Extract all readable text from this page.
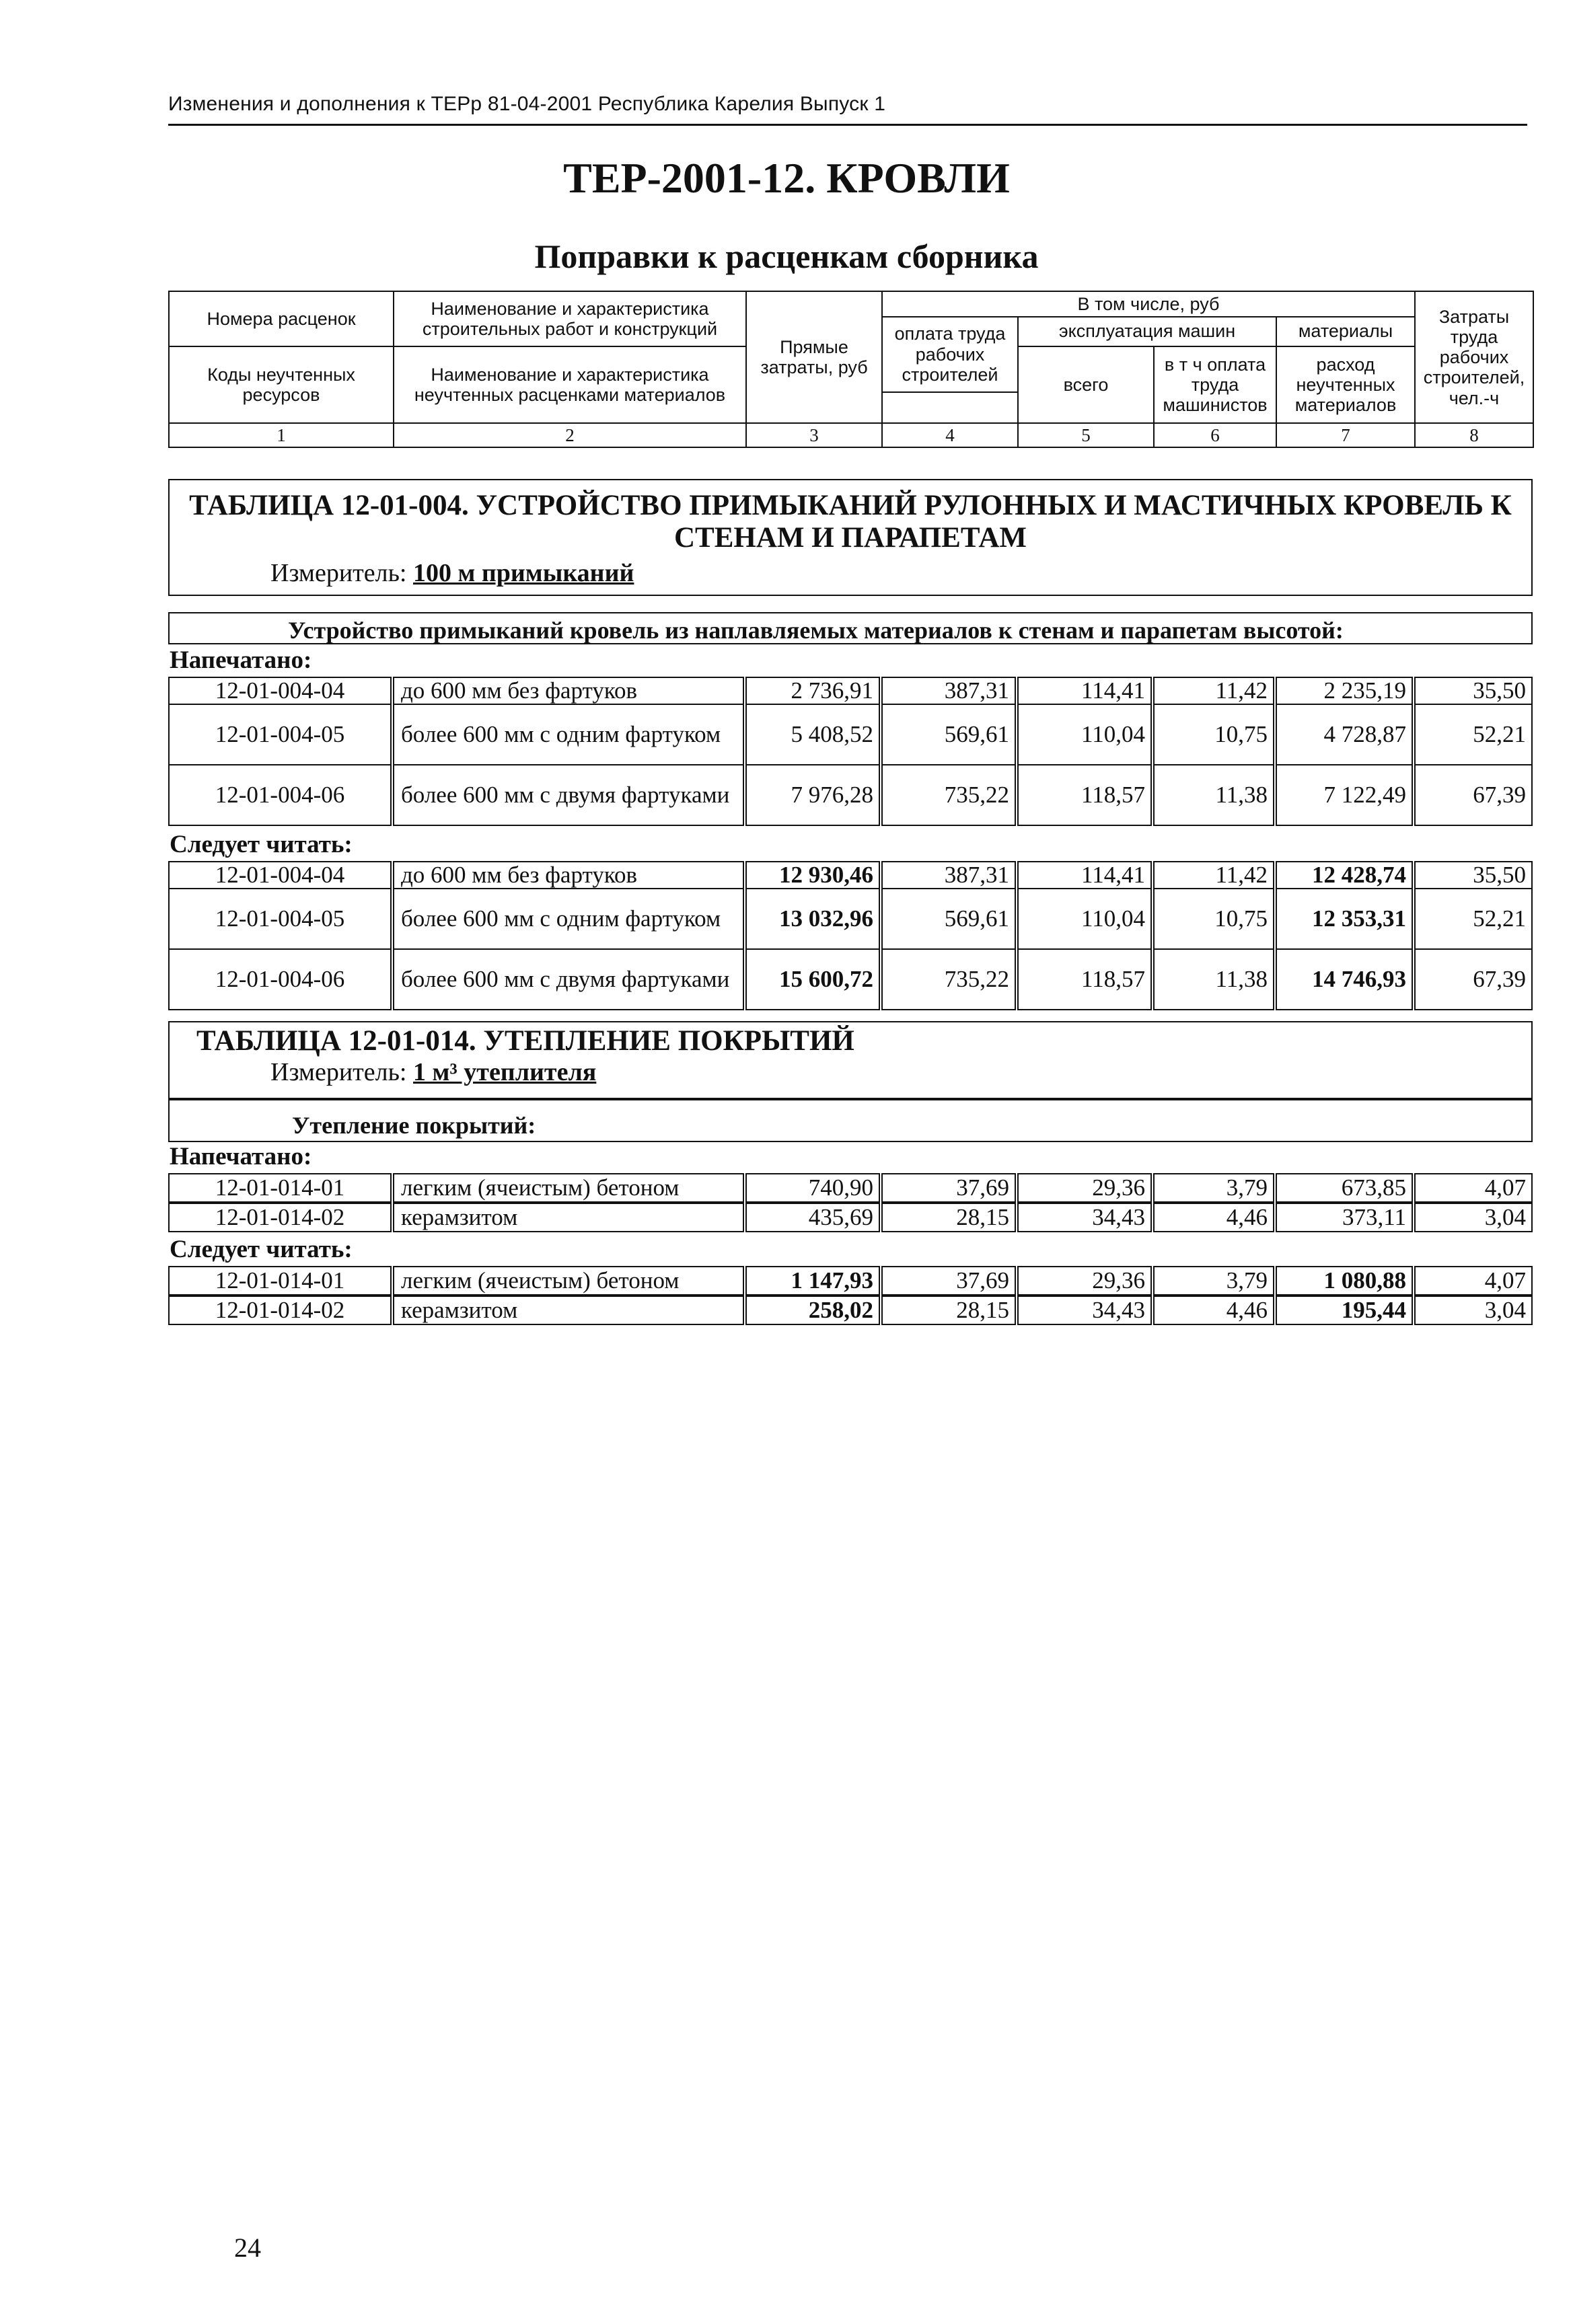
Изменения и дополнения к ТЕРр 81-04-2001 Республика Карелия Выпуск 1
ТЕР-2001-12. КРОВЛИ
Поправки к расценкам сборника
Номера расценок	Наименование и характеристика строительных работ и конструкций	Прямые затраты, руб	В том числе, руб				Затраты труда рабочих строителей, чел.-ч
			оплата труда рабочих строителей	эксплуатация машин		материалы	

Коды неучтенных ресурсов	Наименование и характеристика неучтенных расценками материалов			всего	в т ч оплата труда машинистов	расход неучтенных материалов	

1	2	3	4	5	6	7	8
ТАБЛИЦА 12-01-004. УСТРОЙСТВО ПРИМЫКАНИЙ РУЛОННЫХ И МАСТИЧНЫХ КРОВЕЛЬ К
СТЕНАМ И ПАРАПЕТАМ
Измеритель: 100 м примыканий
Устройство примыканий кровель из наплавляемых материалов к стенам и парапетам высотой:
Напечатано:
12-01-004-04	до 600 мм без фартуков	2 736,91	387,31	114,41	11,42	2 235,19	35,50
12-01-004-05	более 600 мм с одним фартуком	5 408,52	569,61	110,04	10,75	4 728,87	52,21
12-01-004-06	более 600 мм с двумя фартуками	7 976,28	735,22	118,57	11,38	7 122,49	67,39
Следует читать:
12-01-004-04	до 600 мм без фартуков	12 930,46	387,31	114,41	11,42	12 428,74	35,50
12-01-004-05	более 600 мм с одним фартуком	13 032,96	569,61	110,04	10,75	12 353,31	52,21
12-01-004-06	более 600 мм с двумя фартуками	15 600,72	735,22	118,57	11,38	14 746,93	67,39
ТАБЛИЦА 12-01-014. УТЕПЛЕНИЕ ПОКРЫТИЙ
Измеритель: 1 м³ утеплителя
Утепление покрытий:
Напечатано:
12-01-014-01	легким (ячеистым) бетоном	740,90	37,69	29,36	3,79	673,85	4,07
12-01-014-02	керамзитом	435,69	28,15	34,43	4,46	373,11	3,04
Следует читать:
12-01-014-01	легким (ячеистым) бетоном	1 147,93	37,69	29,36	3,79	1 080,88	4,07
12-01-014-02	керамзитом	258,02	28,15	34,43	4,46	195,44	3,04
24
